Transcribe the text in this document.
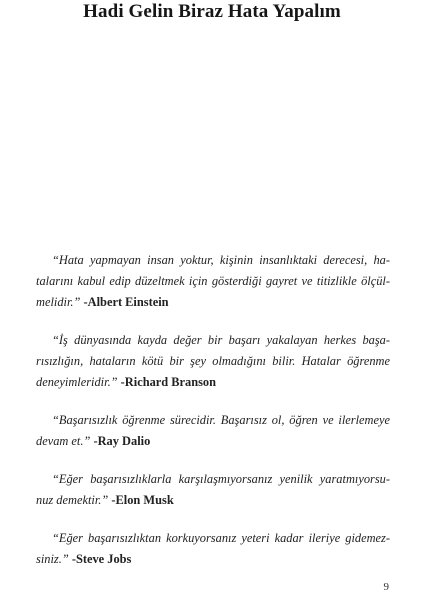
Hadi Gelin Biraz Hata Yapalım

“Hata yapmayan insan yoktur, kişinin insanlıktaki derecesi, ha-
talarını kabul edip düzeltmek için gösterdiği gayret ve titizlikle ölçül-
melidir.” -Albert Einstein

“İş dünyasında kayda değer bir başarı yakalayan herkes başa-
rısızlığın, hataların kötü bir şey olmadığını bilir. Hatalar öğrenme
deneyimleridir.” -Richard Branson

“Başarısızlık öğrenme sürecidir. Başarısız ol, öğren ve ilerlemeye
devam et.” -Ray Dalio

“Eğer başarısızlıklarla karşılaşmıyorsanız yenilik yaratmıyorsu-
nuz demektir.” -Elon Musk

“Eğer başarısızlıktan korkuyorsanız yeteri kadar ileriye gidemez-
siniz.” -Steve Jobs

9
